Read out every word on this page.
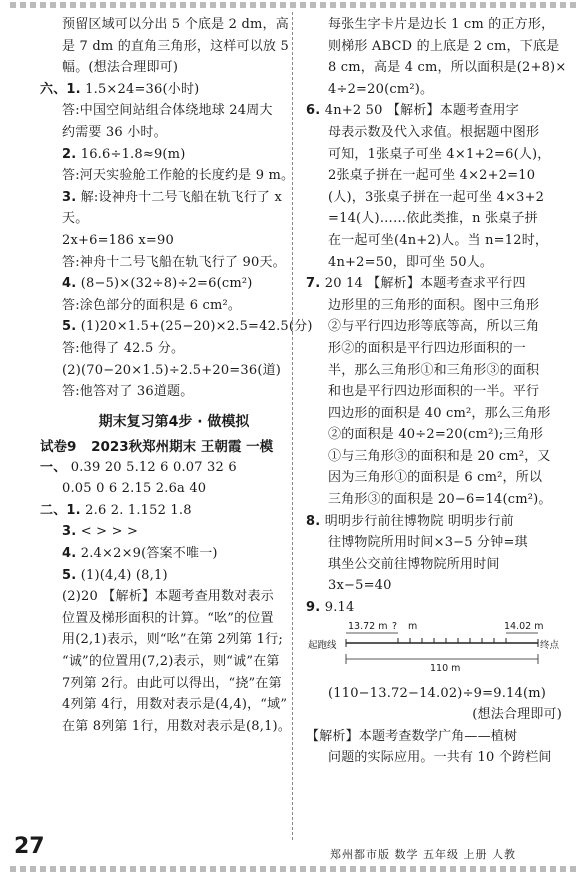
预留区域可以分出 5 个底是 2 dm，高
是 7 dm 的直角三角形，这样可以放 5
幅。(想法合理即可)
六、1. 1.5×24=36(小时)
答:中国空间站组合体绕地球 24周大
约需要 36 小时。
2. 16.6÷1.8≈9(m)
答:河天实验舱工作舱的长度约是 9 m。
3. 解:设神舟十二号飞船在轨飞行了 x
天。
2x+6=186 x=90
答:神舟十二号飞船在轨飞行了 90天。
4. (8−5)×(32÷8)÷2=6(cm²)
答:涂色部分的面积是 6 cm²。
5. (1)20×1.5+(25−20)×2.5=42.5(分)
答:他得了 42.5 分。
(2)(70−20×1.5)÷2.5+20=36(道)
答:他答对了 36道题。
期末复习第4步 · 做模拟
试卷9 2023秋郑州期末 王朝霞 一模
一、 0.39 20 5.12 6 0.07 32 6
0.05 0 6 2.15 2.6a 40
二、1. 2.6 2. 1.152 1.8
3. < > > >
4. 2.4×2×9(答案不唯一)
5. (1)(4,4) (8,1)
(2)20 【解析】本题考查用数对表示
位置及梯形面积的计算。“吆”的位置
用(2,1)表示，则“吆”在第 2列第 1行;
“诚”的位置用(7,2)表示，则“诚”在第
7列第 2行。由此可以得出，“挠”在第
4列第 4行，用数对表示是(4,4)，“域”
在第 8列第 1行，用数对表示是(8,1)。
每张生字卡片是边长 1 cm 的正方形，
则梯形 ABCD 的上底是 2 cm，下底是
8 cm，高是 4 cm，所以面积是(2+8)×
4÷2=20(cm²)。
6. 4n+2 50 【解析】本题考查用字
母表示数及代入求值。根据题中图形
可知，1张桌子可坐 4×1+2=6(人)，
2张桌子拼在一起可坐 4×2+2=10
(人)，3张桌子拼在一起可坐 4×3+2
=14(人)……依此类推，n 张桌子拼
在一起可坐(4n+2)人。当 n=12时，
4n+2=50，即可坐 50人。
7. 20 14 【解析】本题考查求平行四
边形里的三角形的面积。图中三角形
②与平行四边形等底等高，所以三角
形②的面积是平行四边形面积的一
半，那么三角形①和三角形③的面积
和也是平行四边形面积的一半。平行
四边形的面积是 40 cm²，那么三角形
②的面积是 40÷2=20(cm²);三角形
①与三角形③的面积和是 20 cm²，又
因为三角形①的面积是 6 cm²，所以
三角形③的面积是 20−6=14(cm²)。
8. 明明步行前往博物院 明明步行前
往博物院所用时间×3−5 分钟=琪
琪坐公交前往博物院所用时间
3x−5=40
9. 9.14
13.72 m ? m	14.02 m
起跑线	终点
110 m
(110−13.72−14.02)÷9=9.14(m)
(想法合理即可)
【解析】本题考查数学广角——植树
问题的实际应用。一共有 10 个跨栏间
27	郑州都市版 数学 五年级 上册 人教
